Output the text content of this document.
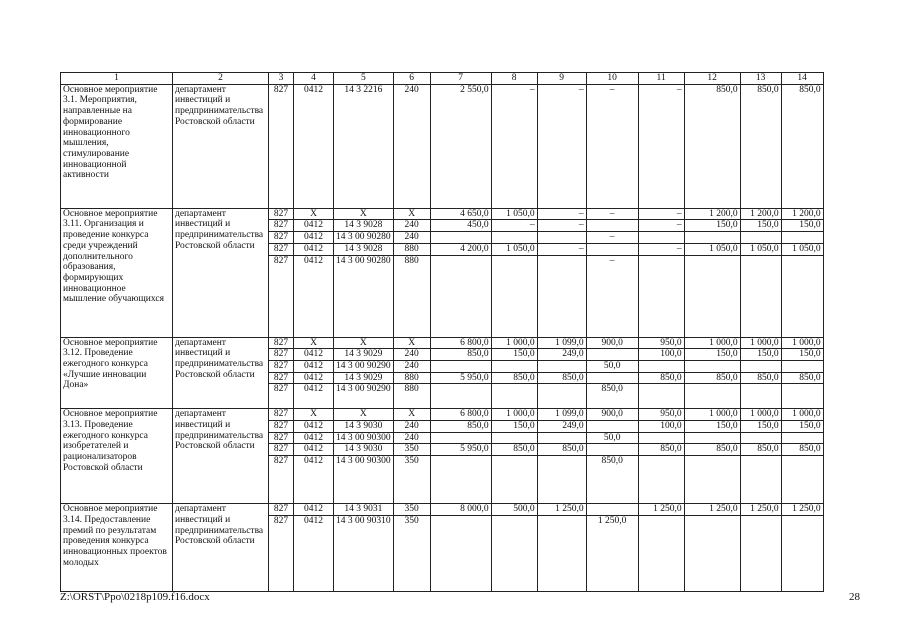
1	2	3	4	5	6	7	8	9	10	11	12	13	14
Основное мероприятие 3.1. Мероприятия, направленные на формирование инновационного мышления, стимулирование инновационной активности	департамент инвестиций и предпринимательства Ростовской области	827	0412	14 3 2216	240	2 550,0	–	–	–	–	850,0	850,0	850,0
Основное мероприятие 3.11. Организация и проведение конкурса среди учреждений дополнительного образования, формирующих инновационное мышление обучающихся	департамент инвестиций и предпринимательства Ростовской области	827	Х	Х	Х	4 650,0	1 050,0	–	–	–	1 200,0	1 200,0	1 200,0
		827	0412	14 3 9028	240	450,0	–	–		–	150,0	150,0	150,0
		827	0412	14 3 00 90280	240				–				
		827	0412	14 3 9028	880	4 200,0	1 050,0	–		–	1 050,0	1 050,0	1 050,0
		827	0412	14 3 00 90280	880				–				
Основное мероприятие 3.12. Проведение ежегодного конкурса «Лучшие инновации Дона»	департамент инвестиций и предпринимательства Ростовской области	827	Х	Х	Х	6 800,0	1 000,0	1 099,0	900,0	950,0	1 000,0	1 000,0	1 000,0
		827	0412	14 3 9029	240	850,0	150,0	249,0		100,0	150,0	150,0	150,0
		827	0412	14 3 00 90290	240				50,0				
		827	0412	14 3 9029	880	5 950,0	850,0	850,0		850,0	850,0	850,0	850,0
		827	0412	14 3 00 90290	880				850,0				
Основное мероприятие 3.13. Проведение ежегодного конкурса изобретателей и рационализаторов Ростовской области	департамент инвестиций и предпринимательства Ростовской области	827	Х	Х	Х	6 800,0	1 000,0	1 099,0	900,0	950,0	1 000,0	1 000,0	1 000,0
		827	0412	14 3 9030	240	850,0	150,0	249,0		100,0	150,0	150,0	150,0
		827	0412	14 3 00 90300	240				50,0				
		827	0412	14 3 9030	350	5 950,0	850,0	850,0		850,0	850,0	850,0	850,0
		827	0412	14 3 00 90300	350				850,0				
Основное мероприятие 3.14. Предоставление премий по результатам проведения конкурса инновационных проектов молодых	департамент инвестиций и предпринимательства Ростовской области	827	0412	14 3 9031	350	8 000,0	500,0	1 250,0		1 250,0	1 250,0	1 250,0	1 250,0
		827	0412	14 3 00 90310	350				1 250,0				
Z:\ORST\Ppo\0218p109.f16.docx	28
